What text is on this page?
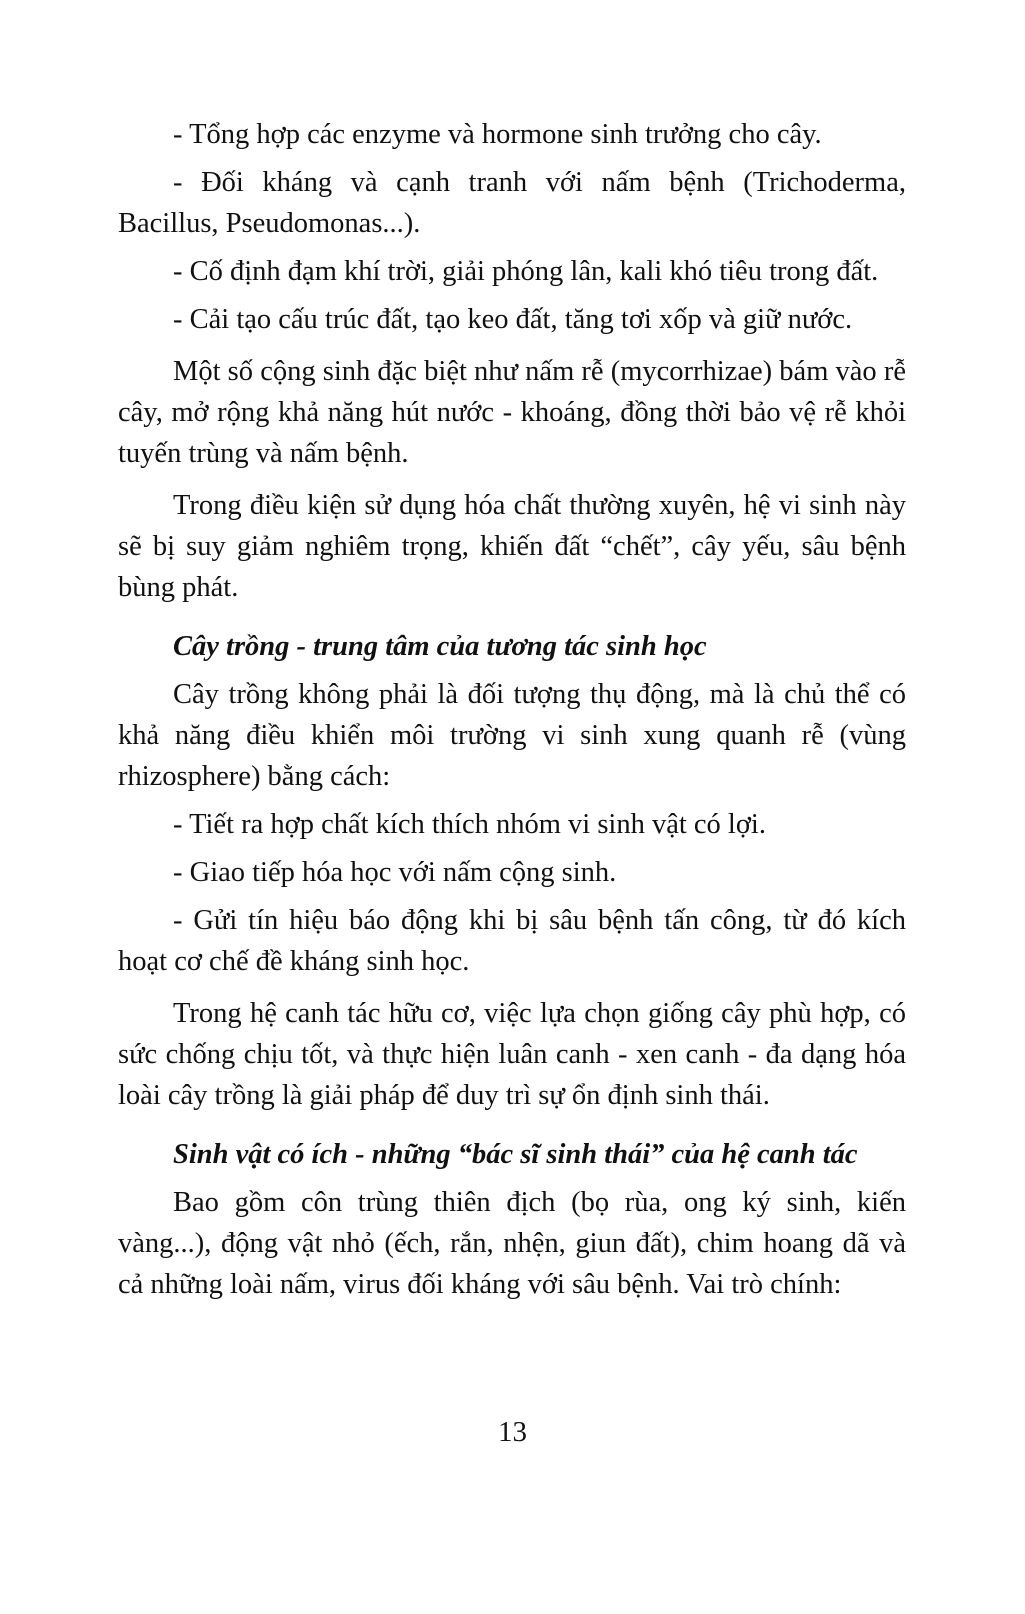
- Tổng hợp các enzyme và hormone sinh trưởng cho cây.

- Đối kháng và cạnh tranh với nấm bệnh (Trichoderma, Bacillus, Pseudomonas...).

- Cố định đạm khí trời, giải phóng lân, kali khó tiêu trong đất.

- Cải tạo cấu trúc đất, tạo keo đất, tăng tơi xốp và giữ nước.

Một số cộng sinh đặc biệt như nấm rễ (mycorrhizae) bám vào rễ cây, mở rộng khả năng hút nước - khoáng, đồng thời bảo vệ rễ khỏi tuyến trùng và nấm bệnh.

Trong điều kiện sử dụng hóa chất thường xuyên, hệ vi sinh này sẽ bị suy giảm nghiêm trọng, khiến đất “chết”, cây yếu, sâu bệnh bùng phát.

Cây trồng - trung tâm của tương tác sinh học

Cây trồng không phải là đối tượng thụ động, mà là chủ thể có khả năng điều khiển môi trường vi sinh xung quanh rễ (vùng rhizosphere) bằng cách:

- Tiết ra hợp chất kích thích nhóm vi sinh vật có lợi.

- Giao tiếp hóa học với nấm cộng sinh.

- Gửi tín hiệu báo động khi bị sâu bệnh tấn công, từ đó kích hoạt cơ chế đề kháng sinh học.

Trong hệ canh tác hữu cơ, việc lựa chọn giống cây phù hợp, có sức chống chịu tốt, và thực hiện luân canh - xen canh - đa dạng hóa loài cây trồng là giải pháp để duy trì sự ổn định sinh thái.

Sinh vật có ích - những “bác sĩ sinh thái” của hệ canh tác

Bao gồm côn trùng thiên địch (bọ rùa, ong ký sinh, kiến vàng...), động vật nhỏ (ếch, rắn, nhện, giun đất), chim hoang dã và cả những loài nấm, virus đối kháng với sâu bệnh. Vai trò chính:

13
